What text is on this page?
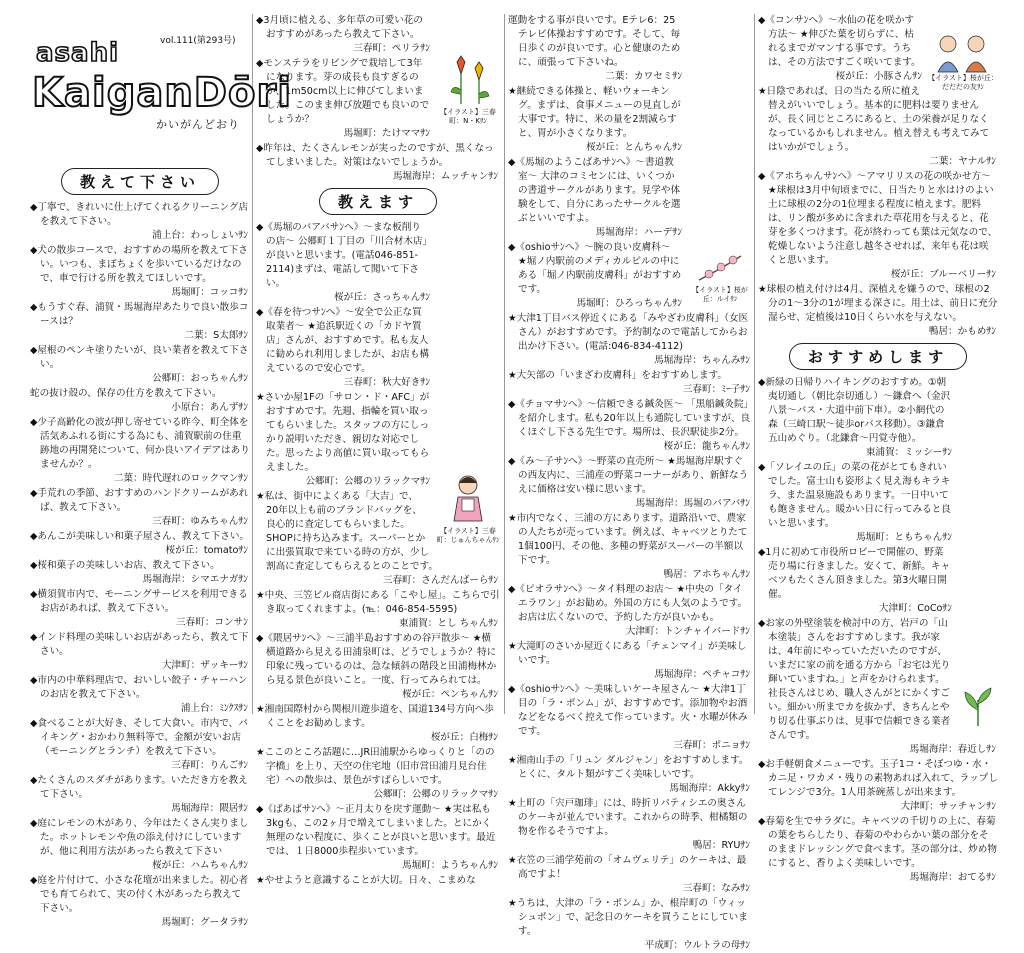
asahi	vol.111(第293号)
KaiganDōri
かいがんどおり
教えて下さい
◆丁寧で、きれいに仕上げてくれるクリーニング店を教えて下さい。
浦上台：わっしょいｻﾝ
◆犬の散歩コースで、おすすめの場所を教えて下さい。いつも、まぼちょくを歩いているだけなので、車で行ける所を教えてほしいです。
馬堀町：コッコｻﾝ
◆もうすぐ春、浦賀・馬堀海岸あたりで良い散歩コースは？
二葉：S太郎ｻﾝ
◆屋根のペンキ塗りたいが、良い業者を教えて下さい。
公郷町：おっちゃんｻﾝ
蛇の抜け殻の、保存の仕方を教えて下さい。
小原台：あんずｻﾝ
◆少子高齢化の波が押し寄せている昨今、町全体を活気あふれる街にする為にも、浦賀駅前の住重跡地の再開発について、何か良いアイデアはありませんか？。
二葉：時代遅れのロックマンｻﾝ
◆手荒れの季節、おすすめのハンドクリームがあれば、教えて下さい。
三春町：ゆみちゃんｻﾝ
◆あんこが美味しい和菓子屋さん、教えて下さい。
桜が丘：tomatoｻﾝ
◆桜和菓子の美味しいお店、教えて下さい。
馬堀海岸：シマエナガｻﾝ
◆横須賀市内で、モーニングサービスを利用できるお店があれば、教えて下さい。
三春町：コンサﾝ
◆インド料理の美味しいお店があったら、教えて下さい。
大津町：ザッキーｻﾝ
◆市内の中華料理店で、おいしい餃子・チャーハンのお店を教えて下さい。
浦上台：ﾐﾝｸｽｻﾝ
◆食べることが大好き、そして大食い。市内で、バイキング・おかわり無料等で、金額が安いお店（モーニングとランチ）を教えて下さい。
三春町：りんごｻﾝ
◆たくさんのスダチがあります。いただき方を教えて下さい。
馬堀海岸：隈居ｻﾝ
◆庭にレモンの木があり、今年はたくさん実りました。ホットレモンや魚の添え付けにしていますが、他に利用方法があったら教えて下さい
桜が丘：ハムちゃんｻﾝ
◆庭を片付けて、小さな花壇が出来ました。初心者でも育てられて、実の付く木があったら教えて下さい。
馬堀町：グータラｻﾝ
【イラスト】三春町：N・Kｻﾝ
◆3月頃に植える、多年草の可愛い花のおすすめがあったら教えて下さい。
三春町：ペリラｻﾝ
◆モンステラをリビングで栽培して3年になります。芽の成長も良すぎるのか、1m50cm以上に伸びてしまいました。このまま伸び放題でも良いのでしょうか？
馬堀町：たけママｻﾝ
◆昨年は、たくさんレモンが実ったのですが、黒くなってしまいました。対策はないでしょうか。
馬堀海岸：ムッチャンｻﾝ
教えます
【イラスト】三春町：じゅんちゃんｻﾝ
◆《馬堀のバアバサﾝへ》〜まな板削りの店〜 公郷町１丁目の「川合材木店」が良いと思います。(電話046-851-2114)まずは、電話して聞いて下さい。
桜が丘：さっちゃんｻﾝ
◆《春を待つサﾝへ》〜安全で公正な買取業者〜 ★追浜駅近くの「カドヤ質店」さんが、おすすめです。私も友人に勧められ利用しましたが、お店も構えているので安心です。
三春町：秋大好きｻﾝ
★さいか屋1Fの「サロン・ド・AFC」がおすすめです。先週、指輪を買い取ってもらいました。スタッフの方にしっかり説明いただき、親切な対応でした。思ったより高値に買い取ってもらえました。
公郷町：公郷のリラックマｻﾝ
★私は、街中によくある「大吉」で、20年以上も前のブランドバッグを、良心的に査定してもらいました。SHOPに持ち込みます。スーパーとかに出張買取で来ている時の方が、少し割高に査定してもらえるとのことです。
三春町：さんだんばーらｻﾝ
★中央、三笠ビル商店街にある「こやし屋」。こちらで引き取ってくれますよ。(℡：046-854-5595)
東浦賀：とし ちゃんｻﾝ
◆《隈居サﾝへ》〜三浦半島おすすめの谷戸散歩〜 ★横横道路から見える田浦泉町は、どうでしょうか？特に印象に残っているのは、急な傾斜の階段と田浦梅林から見る景色が良いこと。一度、行ってみられては。
桜が丘：ペンちゃんｻﾝ
★湘南国際村から関根川遊歩道を、国道134号方向へ歩くことをお勧めします。
桜が丘：白梅ｻﾝ
★ここのところ話題に…JR田浦駅からゆっくりと「のの字橋」を上り、天空の住宅地（旧市営田浦月見台住宅）への散歩は、景色がすばらしいです。
公郷町：公郷のリラックマｻﾝ
◆《ばあばサﾝへ》〜正月太りを戻す運動〜 ★実は私も3kgも、この2ヶ月で増えてしまいました。とにかく無理のない程度に、歩くことが良いと思います。最近では、１日8000歩程歩いています。
馬堀町：ようちゃんｻﾝ
★やせようと意識することが大切。日々、こまめな
【イラスト】桜が丘：ルイｻﾝ
運動をする事が良いです。Eテレ6：25テレビ体操おすすめです。そして、毎日歩くのが良いです。心と健康のために、頑張って下さいね。
二葉：カワセミｻﾝ
★継続できる体操と、軽いウォーキング。まずは、食事メニューの見直しが大事です。特に、米の量を2割減らすと、胃が小さくなります。
桜が丘：とんちゃんｻﾝ
◆《馬堀のようこばあサﾝへ》〜書道教室〜 大津のコミセンには、いくつかの書道サークルがあります。見学や体験をして、自分にあったサークルを選ぶといいですよ。
馬堀海岸：ハーデｻﾝ
◆《oshioサﾝへ》〜腕の良い皮膚科〜 ★堀ノ内駅前のメディカルビルの中にある「堀ノ内駅前皮膚科」がおすすめです。
馬堀町：ひろっちゃんｻﾝ
★大津1丁目バス停近くにある「みやざわ皮膚科」（女医さん）がおすすめです。予約制なので電話してからお出かけ下さい。(電話:046-834-4112)
馬堀海岸：ちゃんみｻﾝ
★大矢部の「いまざわ皮膚科」をおすすめします。
三春町：ﾐｰ子ｻﾝ
◆《チョマサﾝへ》〜信頼できる鍼灸医〜 「黒船鍼灸院」を紹介します。私も20年以上も通院していますが、良くほぐし下さる先生です。場所は、長沢駅徒歩2分。
桜が丘：龍ちゃんｻﾝ
◆《み～子サﾝへ》〜野菜の直売所〜 ★馬堀海岸駅すぐの西友内に、三浦産の野菜コーナーがあり、新鮮なうえに価格は安い様に思います。
馬堀海岸：馬堀のバアバｻﾝ
★市内でなく、三浦の方にあります。道路沿いで、農家の人たちが売っています。例えば、キャベツとりたて1個100円、その他、多種の野菜がスーパーの半額以下です。
鴨居：アホちゃんｻﾝ
◆《ピオラサﾝへ》〜タイ料理のお店〜 ★中央の「タイ エラワン」がお勧め。外国の方にも人気のようです。お店は広くないので、予約した方が良いかも。
大津町：トンチャイバードｻﾝ
★大滝町のさいか屋近くにある「チェンマイ」が美味しいです。
馬堀海岸：ペチャコｻﾝ
◆《oshioサﾝへ》〜美味しいケーキ屋さん〜 ★大津1丁目の「ラ・ポンム」が、おすすめです。添加物やお酒などをなるべく控えて作っています。火・水曜が休みです。
三春町：ポニョｻﾝ
★湘南山手の「リュン ダルジャン」をおすすめします。とくに、タルト類がすごく美味しいです。
馬堀海岸：Akkyｻﾝ
★上町の「宍戸珈琲」には、時折リパティシエの奥さんのケーキが並んでいます。これからの時季、柑橘類の物を作るそうですよ。
鴨居：RYUｻﾝ
★衣笠の三浦学苑前の「オムヴェリテ」のケーキは、最高ですよ！
三春町：なみｻﾝ
★うちは、大津の「ラ・ポンム」か、根岸町の「ウィッシュボン」で、記念日のケーキを買うことにしています。
平成町：ウルトラの母ｻﾝ
【イラスト】桜が丘：だだだの友ｻﾝ
◆《コンサﾝへ》〜水仙の花を咲かす方法〜 ★伸びた葉を切らずに、枯れるまでガマンする事です。うちは、その方法ですごく咲いてます。
桜が丘：小豚さんｻﾝ
★日陰であれば、日の当たる所に植え替えがいいでしょう。基本的に肥料は要りませんが、長く同じところにあると、土の栄養が足りなくなっているかもしれません。植え替えも考えてみてはいかがでしょう。
二葉：ヤナルｻﾝ
◆《アホちゃんサﾝへ》〜アマリリスの花の咲かせ方〜 ★球根は3月中旬頃までに、日当たりと水はけのよい土に球根の2分の1位埋まる程度に植えます。肥料は、リン酸が多めに含まれた草花用を与えると、花芽を多くつけます。花が終わっても葉は元気なので、乾燥しないよう注意し越冬させれば、来年も花は咲くと思います。
桜が丘：ブルーベリーｻﾝ
★球根の植え付けは4月、深植えを嫌うので、球根の2分の1〜3分の1が埋まる深さに。用土は、前日に充分湿らせ、定植後は10日くらい水を与えない。
鴨居：かもめｻﾝ
おすすめします
◆新緑の日帰りハイキングのおすすめ。①朝夷切通し（朝比奈切通し）〜鎌倉へ（金沢八景〜バス・大道中前下車）。②小網代の森（三崎口駅〜徒歩orバス移動）。③鎌倉五山めぐり。（北鎌倉〜円覚寺他）。
東浦賀：ミッシーｻﾝ
◆「ソレイユの丘」の菜の花がとてもきれいでした。富士山も姿形よく見え海もキラキラ、また温泉施設もあります。一日中いても飽きません。暖かい日に行ってみると良いと思います。
馬堀町：ともちゃんｻﾝ
◆1月に初めて市役所ロビーで開催の、野菜売り場に行きました。安くて、新鮮。キャベツもたくさん頂きました。第3火曜日開催。
大津町：CoCoｻﾝ
◆お家の外壁塗装を検討中の方、岩戸の「山本塗装」さんをおすすめします。我が家は、4年前にやっていただいたのですが、いまだに家の前を通る方から「お宅は光り輝いていますね。」と声をかけられます。社長さんはじめ、職人さんがとにかくすごい。細かい所までカを抜かず、きちんとやり切る仕事ぶりは、見事で信頼できる業者さんです。
馬堀海岸：春近しｻﾝ
◆お手軽朝食メニューです。玉子1コ・そぼつゆ・水・カニ足・ワカメ・残りの素物あれば入れて、ラップしてレンジで3分。1人用茶碗蒸しが出来ます。
大津町：サッチャンｻﾝ
◆春菊を生でサラダに。キャベツの千切りの上に、春菊の葉をちらしたり、春菊のやわらかい葉の部分をそのままドレッシングで食べます。茎の部分は、炒め物にすると、香りよく美味しいです。
馬堀海岸：おてるｻﾝ
